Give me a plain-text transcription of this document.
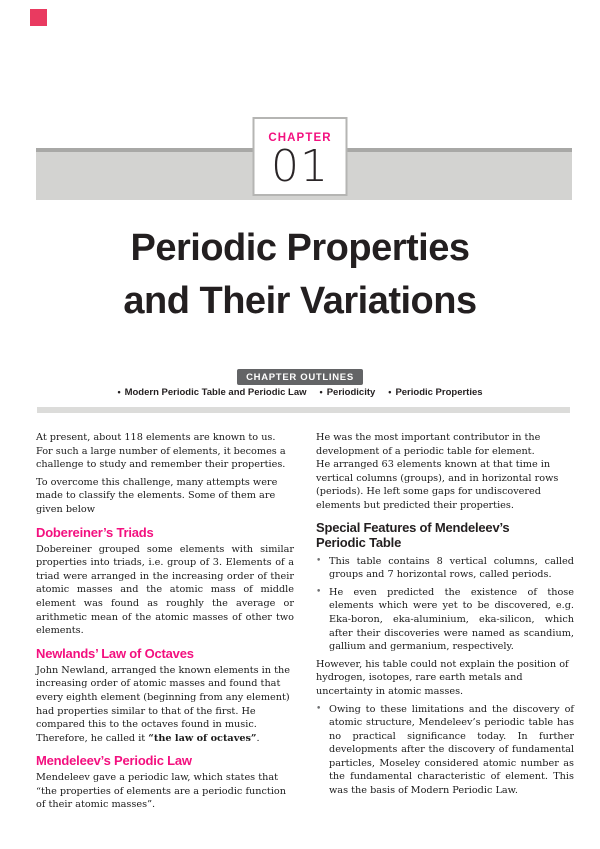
CHAPTER
01
Periodic Properties
and Their Variations
CHAPTER OUTLINES
• Modern Periodic Table and Periodic Law • Periodicity • Periodic Properties

At present, about 118 elements are known to us. For such a large number of elements, it becomes a challenge to study and remember their properties.

To overcome this challenge, many attempts were made to classify the elements. Some of them are given below

Dobereiner’s Triads

Dobereiner grouped some elements with similar properties into triads, i.e. group of 3. Elements of a triad were arranged in the increasing order of their atomic masses and the atomic mass of middle element was found as roughly the average or arithmetic mean of the atomic masses of other two elements.

Newlands’ Law of Octaves

John Newland, arranged the known elements in the increasing order of atomic masses and found that every eighth element (beginning from any element) had properties similar to that of the first. He compared this to the octaves found in music. Therefore, he called it “the law of octaves”.

Mendeleev’s Periodic Law

Mendeleev gave a periodic law, which states that “the properties of elements are a periodic function of their atomic masses”.

He was the most important contributor in the development of a periodic table for element.

He arranged 63 elements known at that time in vertical columns (groups), and in horizontal rows (periods). He left some gaps for undiscovered elements but predicted their properties.

Special Features of Mendeleev’s Periodic Table
• This table contains 8 vertical columns, called groups and 7 horizontal rows, called periods.
• He even predicted the existence of those elements which were yet to be discovered, e.g. Eka-boron, eka-aluminium, eka-silicon, which after their discoveries were named as scandium, gallium and germanium, respectively.

However, his table could not explain the position of hydrogen, isotopes, rare earth metals and uncertainty in atomic masses.

• Owing to these limitations and the discovery of atomic structure, Mendeleev’s periodic table has no practical significance today. In further developments after the discovery of fundamental particles, Moseley considered atomic number as the fundamental characteristic of element. This was the basis of Modern Periodic Law.
